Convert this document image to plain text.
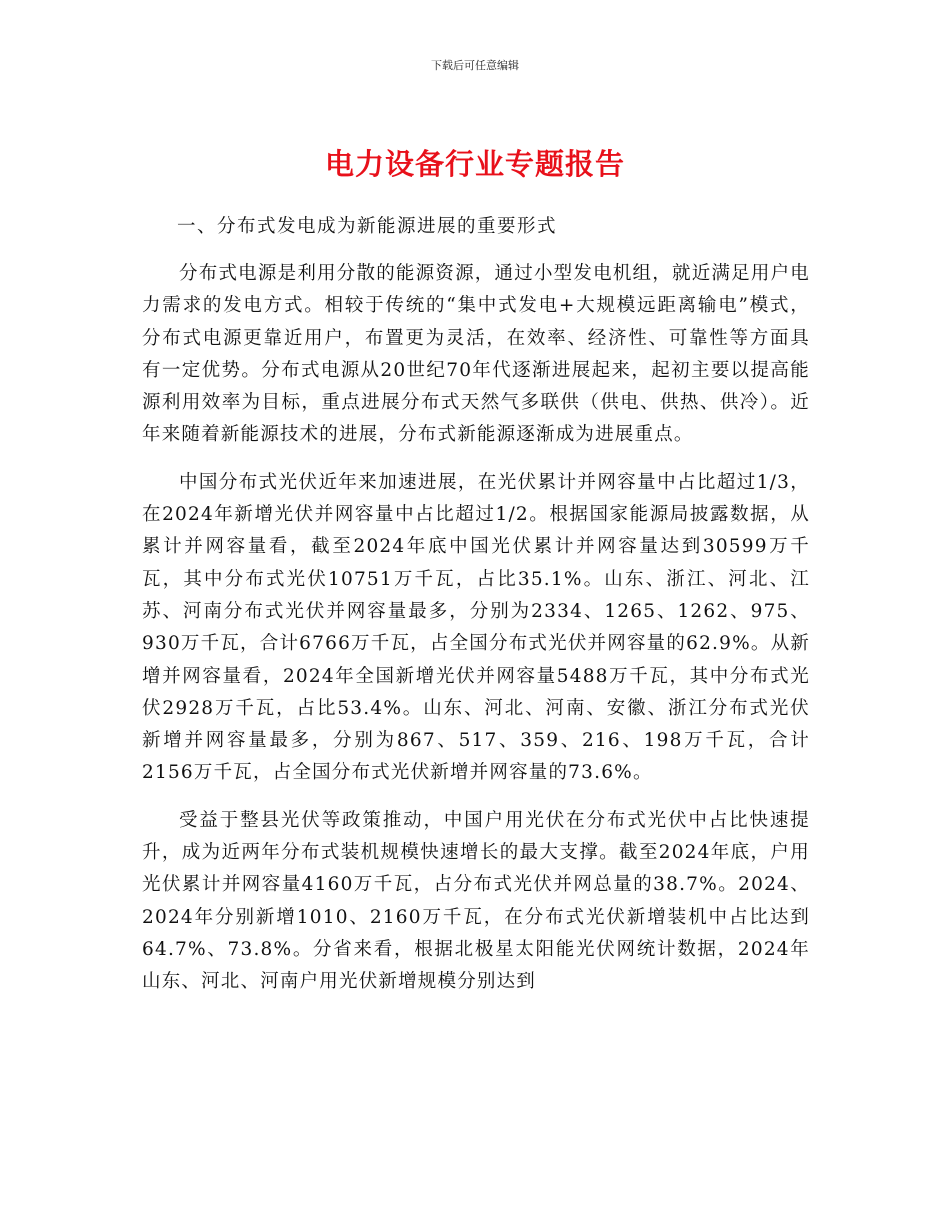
下载后可任意编辑
电力设备行业专题报告
一、分布式发电成为新能源进展的重要形式

分布式电源是利用分散的能源资源，通过小型发电机组，就近满足用户电力需求的发电方式。相较于传统的“集中式发电+大规模远距离输电”模式，分布式电源更靠近用户，布置更为灵活，在效率、经济性、可靠性等方面具有一定优势。分布式电源从20世纪70年代逐渐进展起来，起初主要以提高能源利用效率为目标，重点进展分布式天然气多联供（供电、供热、供冷）。近年来随着新能源技术的进展，分布式新能源逐渐成为进展重点。

中国分布式光伏近年来加速进展，在光伏累计并网容量中占比超过1/3，在2024年新增光伏并网容量中占比超过1/2。根据国家能源局披露数据，从累计并网容量看，截至2024年底中国光伏累计并网容量达到30599万千瓦，其中分布式光伏10751万千瓦，占比35.1%。山东、浙江、河北、江苏、河南分布式光伏并网容量最多，分别为2334、1265、1262、975、930万千瓦，合计6766万千瓦，占全国分布式光伏并网容量的62.9%。从新增并网容量看，2024年全国新增光伏并网容量5488万千瓦，其中分布式光伏2928万千瓦，占比53.4%。山东、河北、河南、安徽、浙江分布式光伏新增并网容量最多，分别为867、517、359、216、198万千瓦，合计2156万千瓦，占全国分布式光伏新增并网容量的73.6%。

受益于整县光伏等政策推动，中国户用光伏在分布式光伏中占比快速提升，成为近两年分布式装机规模快速增长的最大支撑。截至2024年底，户用光伏累计并网容量4160万千瓦，占分布式光伏并网总量的38.7%。2024、2024年分别新增1010、2160万千瓦，在分布式光伏新增装机中占比达到64.7%、73.8%。分省来看，根据北极星太阳能光伏网统计数据，2024年山东、河北、河南户用光伏新增规模分别达到
